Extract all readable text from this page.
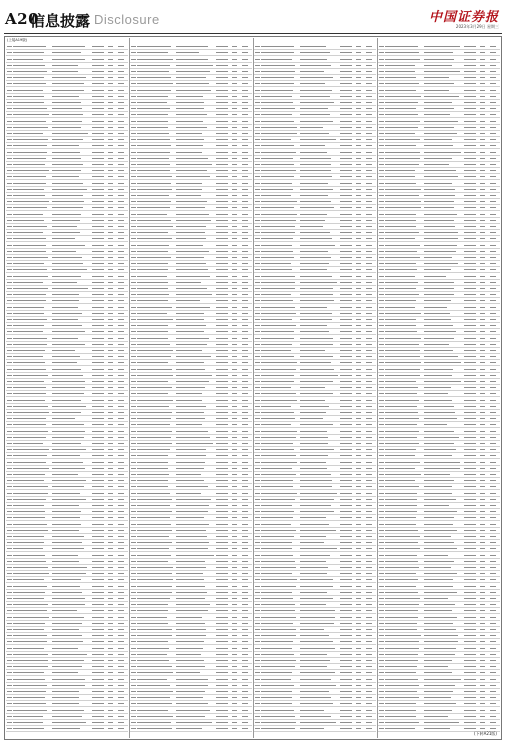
A20
信息披露 Disclosure	中国证券报
2023年3月29日 星期三
(上接A19版)
(下转A21版)
